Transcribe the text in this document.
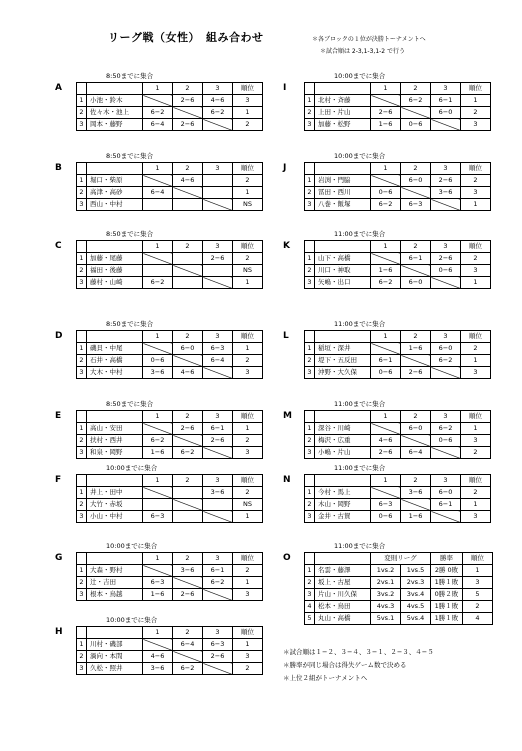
リーグ戦（女性）　組み合わせ	＊各ブロックの１位が決勝トーナメントへ
＊試合順は 2-3,1-3,1-2 で行う
A
8:50までに集合
		1	2	3	順位
1	小池・鈴木		2−6	4−6	3
2	佐々木・池上	6−2		6−2	1
3	岡本・藤野	6−4	2−6		2
B
8:50までに集合
		1	2	3	順位
1	堀口・柴原		4−6		2
2	高津・高砂	6−4			1
3	西山・中村				NS
C
8:50までに集合
		1	2	3	順位
1	加藤・尾藤			2−6	2
2	福田・後藤				NS
3	藤村・山崎	6−2			1
D
8:50までに集合
		1	2	3	順位
1	磯貝・中尾		6−0	6−3	1
2	石井・高橋	0−6		6−4	2
3	大木・中村	3−6	4−6		3
E
8:50までに集合
		1	2	3	順位
1	高山・安田		2−6	6−1	1
2	扶村・西井	6−2		2−6	2
3	和泉・岡野	1−6	6−2		3
F
10:00までに集合
		1	2	3	順位
1	井上・田中			3−6	2
2	大竹・赤坂				NS
3	小山・中村	6−3			1
G
10:00までに集合
		1	2	3	順位
1	大森・野村		3−6	6−1	2
2	辻・吉田	6−3		6−2	1
3	根本・鳥越	1−6	2−6		3
H
10:00までに集合
		1	2	3	順位
1	川村・磯部		6−4	6−3	1
2	渦向・本間	4−6		2−6	3
3	久松・照井	3−6	6−2		2
I
10:00までに集合
		1	2	3	順位
1	北村・斉藤		6−2	6−1	1
2	上田・片山	2−6		6−0	2
3	加藤・松野	1−6	0−6		3
J
10:00までに集合
		1	2	3	順位
1	岩渕・門脇		6−0	2−6	2
2	冨田・西川	0−6		3−6	3
3	八巻・飯塚	6−2	6−3		1
K
11:00までに集合
		1	2	3	順位
1	山下・高橋		6−1	2−6	2
2	川口・神取	1−6		0−6	3
3	矢嶋・出口	6−2	6−0		1
L
11:00までに集合
		1	2	3	順位
1	稲垣・深井		1−6	6−0	2
2	堤下・五反田	6−1		6−2	1
3	沖野・大久保	0−6	2−6		3
M
11:00までに集合
		1	2	3	順位
1	深谷・川崎		6−0	6−2	1
2	梅沢・広重	4−6		0−6	3
3	小嶋・片山	2−6	6−4		2
N
11:00までに集合
		1	2	3	順位
1	今村・馬上		3−6	6−0	2
2	木山・岡野	6−3		6−1	1
3	金井・古賀	0−6	1−6		3
O
11:00までに集合
		変則リーグ		勝率	順位
1	名雲・藤澤	1vs.2	1vs.5	2勝 0敗	1
2	坂上・古屋	2vs.1	2vs.3	1勝１敗	3
3	片山・川久保	3vs.2	3vs.4	0勝２敗	5
4	松本・鳥田	4vs.3	4vs.5	1勝１敗	2
5	丸山・高橋	5vs.1	5vs.4	1勝１敗	4
＊試合順は１−２、３−４、３−１、２−３、４−５
＊勝率が同じ場合は得失ゲーム数で決める
＊上位２組がトーナメントへ
